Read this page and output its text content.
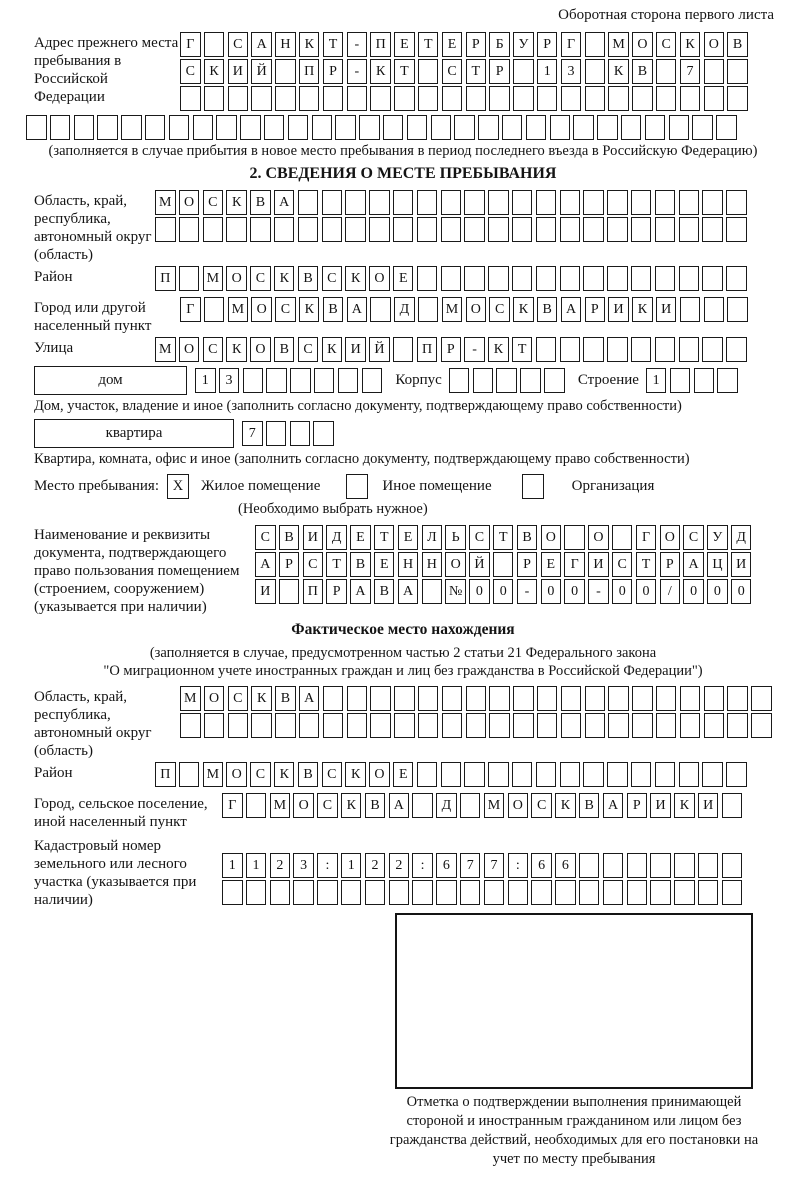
Оборотная сторона первого листа
Адрес прежнего места пребывания в Российской Федерации
Г	С	А Н	К	Т	-	П	Е	Т	Е	Р	Б	У	Р	Г	М О	С	К	О	В
С	К	И Й	П	Р	-	К	Т	С	Т	Р	1	3	К	В	7
(заполняется в случае прибытия в новое место пребывания в период последнего въезда в Российскую Федерацию)
2. СВЕДЕНИЯ О МЕСТЕ ПРЕБЫВАНИЯ
Область, край, республика, автономный округ (область)
М О	С	К	В	А
Район	П	М О	С	К	В	С	К	О	Е
Город или другой населенный пункт
Г	М О	С	К	В	А	Д	М О	С	К	В	А	Р	И	К	И
Улица	М О	С	К	О	В	С	К	И Й	П	Р	-	К	Т
дом	1	3	Корпус	Строение 1
Дом, участок, владение и иное (заполнить согласно документу, подтверждающему право собственности)
квартира	7
Квартира, комната, офис и иное (заполнить согласно документу, подтверждающему право собственности)
Место пребывания: X	Жилое помещение	Иное помещение	Организация
(Необходимо выбрать нужное)
Наименование и реквизиты документа, подтверждающего право пользования помещением (строением, сооружением) (указывается при наличии)
С	В	И Д	Е	Т	Е	Л	Ь	С	Т	В	О	О	Г	О	С	У	Д
А	Р	С	Т	В	Е	Н Н О Й	Р	Е	Г	И	С	Т	Р	А Ц И
И	П	Р	А	В	А	№ 0	0	-	0	0	-	0	0	/	0	0	0
Фактическое место нахождения
(заполняется в случае, предусмотренном частью 2 статьи 21 Федерального закона
"О миграционном учете иностранных граждан и лиц без гражданства в Российской Федерации")
Область, край, республика, автономный округ (область)
М О	С	К	В	А
Район	П	М О	С	К	В	С	К	О	Е
Город, сельское поселение, иной населенный пункт
Г	М О	С	К	В	А	Д	М О	С	К	В	А	Р	И	К	И
Кадастровый номер земельного или лесного участка (указывается при наличии)
1	1	2	3	:	1	2	2	:	6	7	7	:	6	6
Отметка о подтверждении выполнения принимающей стороной и иностранным гражданином или лицом без гражданства действий, необходимых для его постановки на учет по месту пребывания
